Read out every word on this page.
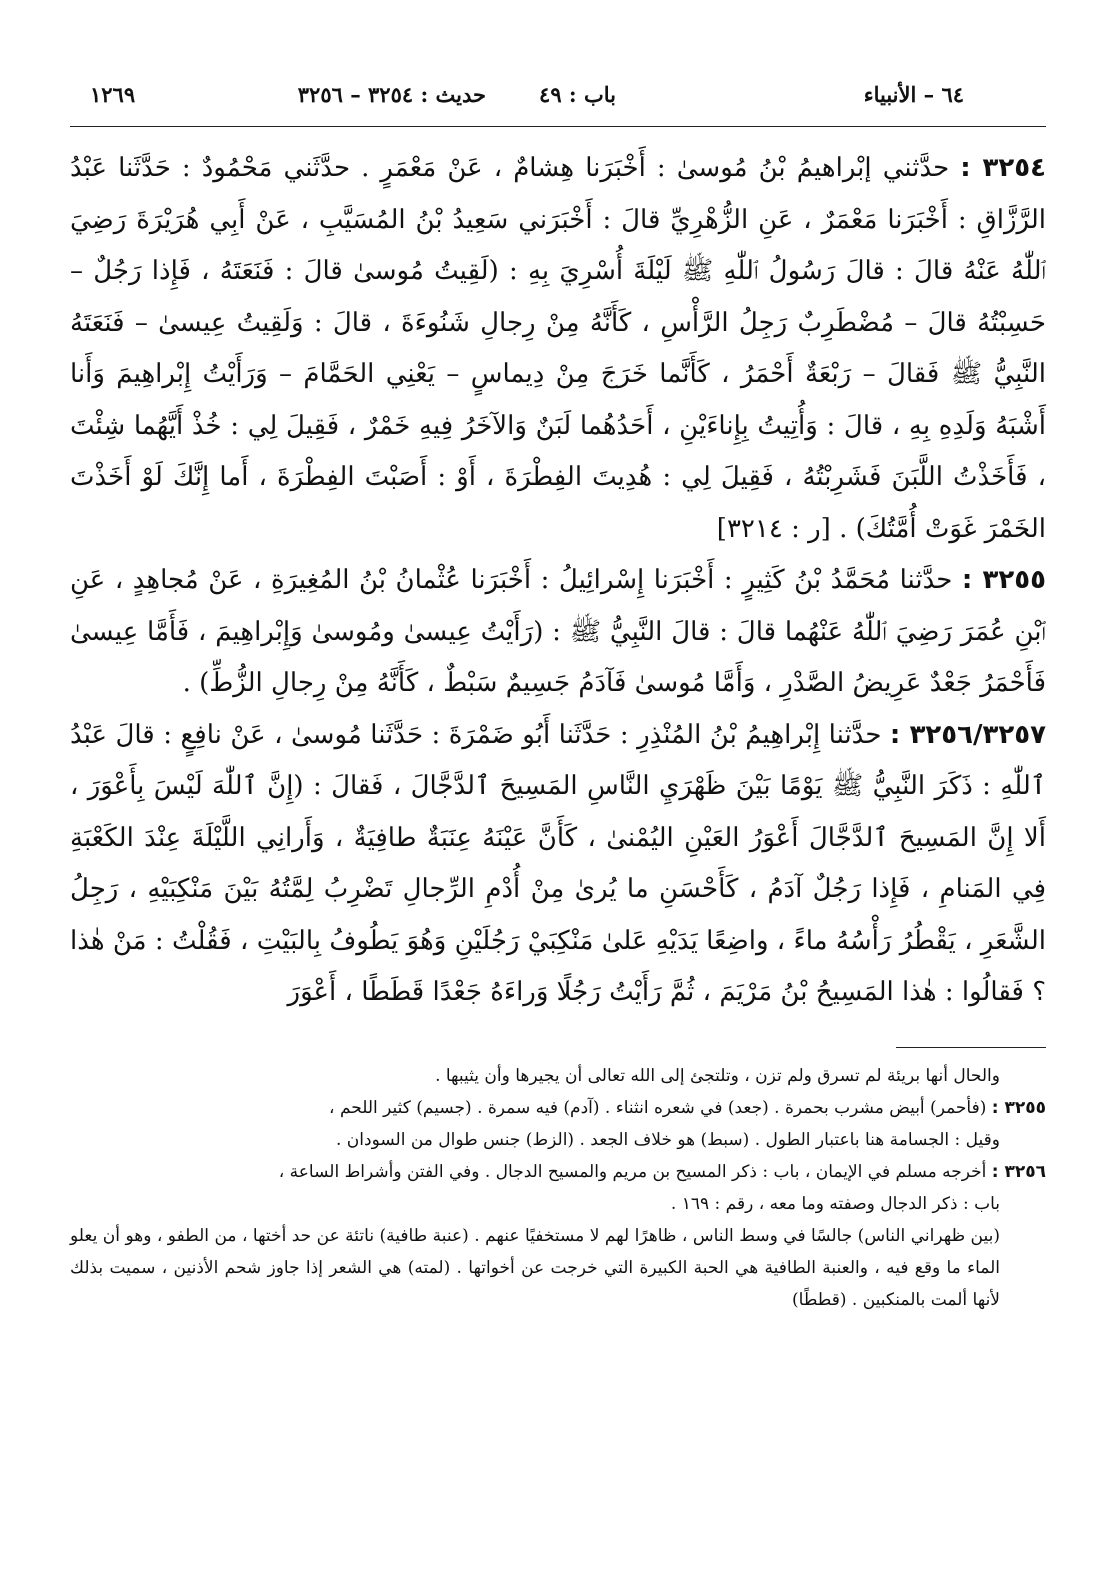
٦٤ – الأنبياء
باب : ٤٩
حديث : ٣٢٥٤ – ٣٢٥٦
١٢٦٩

٣٢٥٤ : حدَّثني إبْراهيمُ بْنُ مُوسىٰ : أَخْبَرَنا هِشامٌ ، عَنْ مَعْمَرٍ . حدَّثَني مَحْمُودٌ : حَدَّثَنا عَبْدُ الرَّزَّاقِ : أَخْبَرَنا مَعْمَرٌ ، عَنِ الزُّهْرِيِّ قالَ : أَخْبَرَني سَعِيدُ بْنُ المُسَيَّبِ ، عَنْ أَبِي هُرَيْرَةَ رَضِيَ ٱللّٰهُ عَنْهُ قالَ : قالَ رَسُولُ ٱللّٰهِ ﷺ لَيْلَةَ أُسْرِيَ بِهِ : (لَقِيتُ مُوسىٰ قالَ : فَنَعَتَهُ ، فَإِذا رَجُلٌ – حَسِبْتُهُ قالَ – مُضْطَرِبٌ رَجِلُ الرَّأْسِ ، كَأَنَّهُ مِنْ رِجالِ شَنُوءَةَ ، قالَ : وَلَقِيتُ عِيسىٰ – فَنَعَتَهُ النَّبِيُّ ﷺ فَقالَ – رَبْعَةٌ أَحْمَرُ ، كَأَنَّما خَرَجَ مِنْ دِيماسٍ – يَعْنِي الحَمَّامَ – وَرَأَيْتُ إِبْراهِيمَ وَأَنا أَشْبَهُ وَلَدِهِ بِهِ ، قالَ : وَأُتِيتُ بِإِناءَيْنِ ، أَحَدُهُما لَبَنٌ وَالآخَرُ فِيهِ خَمْرٌ ، فَقِيلَ لِي : خُذْ أَيَّهُما شِئْتَ ، فَأَخَذْتُ اللَّبَنَ فَشَرِبْتُهُ ، فَقِيلَ لِي : هُدِيتَ الفِطْرَةَ ، أَوْ : أَصَبْتَ الفِطْرَةَ ، أَما إِنَّكَ لَوْ أَخَذْتَ الخَمْرَ غَوَتْ أُمَّتُكَ) . [ر : ٣٢١٤]

٣٢٥٥ : حدَّثنا مُحَمَّدُ بْنُ كَثِيرٍ : أَخْبَرَنا إِسْرائِيلُ : أَخْبَرَنا عُثْمانُ بْنُ المُغِيرَةِ ، عَنْ مُجاهِدٍ ، عَنِ ٱبْنِ عُمَرَ رَضِيَ ٱللّٰهُ عَنْهُما قالَ : قالَ النَّبِيُّ ﷺ : (رَأَيْتُ عِيسىٰ ومُوسىٰ وَإِبْراهِيمَ ، فَأَمَّا عِيسىٰ فَأَحْمَرُ جَعْدٌ عَرِيضُ الصَّدْرِ ، وَأَمَّا مُوسىٰ فَآدَمُ جَسِيمٌ سَبْطٌ ، كَأَنَّهُ مِنْ رِجالِ الزُّطِّ) .

٣٢٥٦/٣٢٥٧ : حدَّثنا إِبْراهِيمُ بْنُ المُنْذِرِ : حَدَّثَنا أَبُو ضَمْرَةَ : حَدَّثَنا مُوسىٰ ، عَنْ نافِعٍ : قالَ عَبْدُ ٱللّٰهِ : ذَكَرَ النَّبِيُّ ﷺ يَوْمًا بَيْنَ ظَهْرَيِ النَّاسِ المَسِيحَ ٱلدَّجَّالَ ، فَقالَ : (إِنَّ ٱللّٰهَ لَيْسَ بِأَعْوَرَ ، أَلا إِنَّ المَسِيحَ ٱلدَّجَّالَ أَعْوَرُ العَيْنِ اليُمْنىٰ ، كَأَنَّ عَيْنَهُ عِنَبَةٌ طافِيَةٌ ، وَأَرانِي اللَّيْلَةَ عِنْدَ الكَعْبَةِ فِي المَنامِ ، فَإِذا رَجُلٌ آدَمُ ، كَأَحْسَنِ ما يُرىٰ مِنْ أُدْمِ الرِّجالِ تَضْرِبُ لِمَّتُهُ بَيْنَ مَنْكِبَيْهِ ، رَجِلُ الشَّعَرِ ، يَقْطُرُ رَأْسُهُ ماءً ، واضِعًا يَدَيْهِ عَلىٰ مَنْكِبَيْ رَجُلَيْنِ وَهُوَ يَطُوفُ بِالبَيْتِ ، فَقُلْتُ : مَنْ هٰذا ؟ فَقالُوا : هٰذا المَسِيحُ بْنُ مَرْيَمَ ، ثُمَّ رَأَيْتُ رَجُلًا وَراءَهُ جَعْدًا قَطَطًا ، أَعْوَرَ

والحال أنها بريئة لم تسرق ولم تزن ، وتلتجئ إلى الله تعالى أن يجيرها وأن يثيبها .

٣٢٥٥ : (فأحمر) أبيض مشرب بحمرة . (جعد) في شعره انثناء . (آدم) فيه سمرة . (جسيم) كثير اللحم ،

وقيل : الجسامة هنا باعتبار الطول . (سبط) هو خلاف الجعد . (الزط) جنس طوال من السودان .

٣٢٥٦ : أخرجه مسلم في الإيمان ، باب : ذكر المسيح بن مريم والمسيح الدجال . وفي الفتن وأشراط الساعة ،

باب : ذكر الدجال وصفته وما معه ، رقم : ١٦٩ .

(بين ظهراني الناس) جالسًا في وسط الناس ، ظاهرًا لهم لا مستخفيًا عنهم . (عنبة طافية) ناتئة عن حد أختها ، من الطفو ، وهو أن يعلو الماء ما وقع فيه ، والعنبة الطافية هي الحبة الكبيرة التي خرجت عن أخواتها . (لمته) هي الشعر إذا جاوز شحم الأذنين ، سميت بذلك لأنها ألمت بالمنكبين . (قططًا)
